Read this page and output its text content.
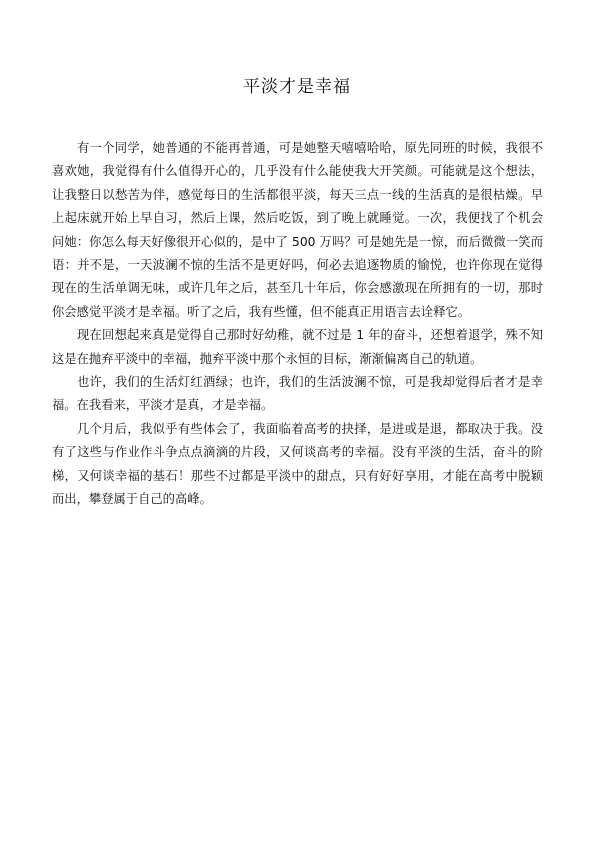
平淡才是幸福

有一个同学，她普通的不能再普通，可是她整天嘻嘻哈哈，原先同班的时候，我很不喜欢她，我觉得有什么值得开心的，几乎没有什么能使我大开笑颜。可能就是这个想法，让我整日以愁苦为伴，感觉每日的生活都很平淡，每天三点一线的生活真的是很枯燥。早上起床就开始上早自习，然后上课，然后吃饭，到了晚上就睡觉。一次，我便找了个机会问她：你怎么每天好像很开心似的，是中了 500 万吗？可是她先是一惊，而后微微一笑而语：并不是，一天波澜不惊的生活不是更好吗，何必去追逐物质的愉悦，也许你现在觉得现在的生活单调无味，或许几年之后，甚至几十年后，你会感激现在所拥有的一切，那时你会感觉平淡才是幸福。听了之后，我有些懂，但不能真正用语言去诠释它。

现在回想起来真是觉得自己那时好幼稚，就不过是 1 年的奋斗，还想着退学，殊不知这是在抛弃平淡中的幸福，抛弃平淡中那个永恒的目标，渐渐偏离自己的轨道。

也许，我们的生活灯红酒绿；也许，我们的生活波澜不惊，可是我却觉得后者才是幸福。在我看来，平淡才是真，才是幸福。

几个月后，我似乎有些体会了，我面临着高考的抉择，是进或是退，都取决于我。没有了这些与作业作斗争点点滴滴的片段，又何谈高考的幸福。没有平淡的生活，奋斗的阶梯，又何谈幸福的基石！那些不过都是平淡中的甜点，只有好好享用，才能在高考中脱颖而出，攀登属于自己的高峰。
